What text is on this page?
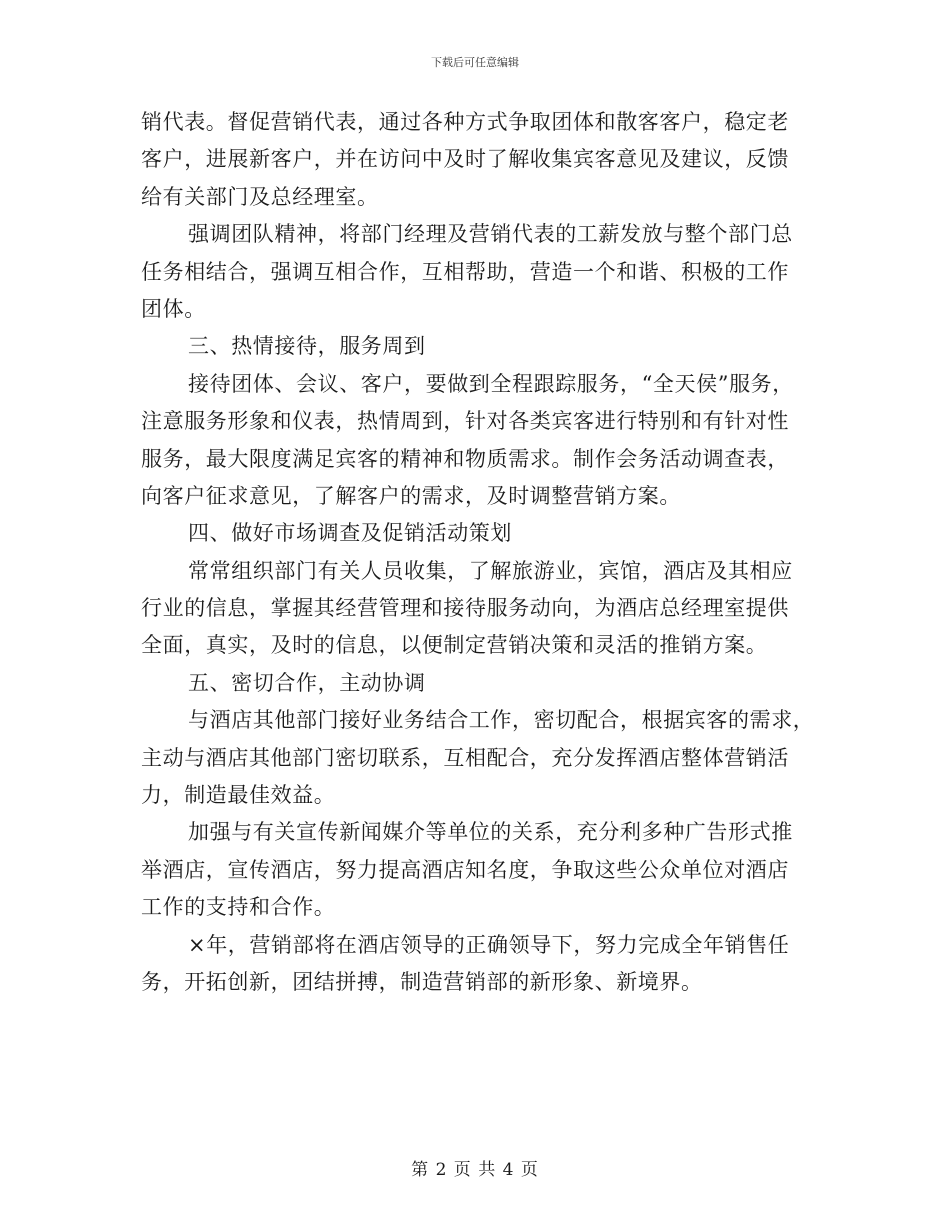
下载后可任意编辑
销代表。督促营销代表，通过各种方式争取团体和散客客户，稳定老
客户，进展新客户，并在访问中及时了解收集宾客意见及建议，反馈
给有关部门及总经理室。
强调团队精神，将部门经理及营销代表的工薪发放与整个部门总
任务相结合，强调互相合作，互相帮助，营造一个和谐、积极的工作
团体。
三、热情接待，服务周到
接待团体、会议、客户，要做到全程跟踪服务，“全天侯”服务，
注意服务形象和仪表，热情周到，针对各类宾客进行特别和有针对性
服务，最大限度满足宾客的精神和物质需求。制作会务活动调查表，
向客户征求意见，了解客户的需求，及时调整营销方案。
四、做好市场调查及促销活动策划
常常组织部门有关人员收集，了解旅游业，宾馆，酒店及其相应
行业的信息，掌握其经营管理和接待服务动向，为酒店总经理室提供
全面，真实，及时的信息，以便制定营销决策和灵活的推销方案。
五、密切合作，主动协调
与酒店其他部门接好业务结合工作，密切配合，根据宾客的需求，
主动与酒店其他部门密切联系，互相配合，充分发挥酒店整体营销活
力，制造最佳效益。
加强与有关宣传新闻媒介等单位的关系，充分利多种广告形式推
举酒店，宣传酒店，努力提高酒店知名度，争取这些公众单位对酒店
工作的支持和合作。
×年，营销部将在酒店领导的正确领导下，努力完成全年销售任
务，开拓创新，团结拼搏，制造营销部的新形象、新境界。
第 2 页 共 4 页
